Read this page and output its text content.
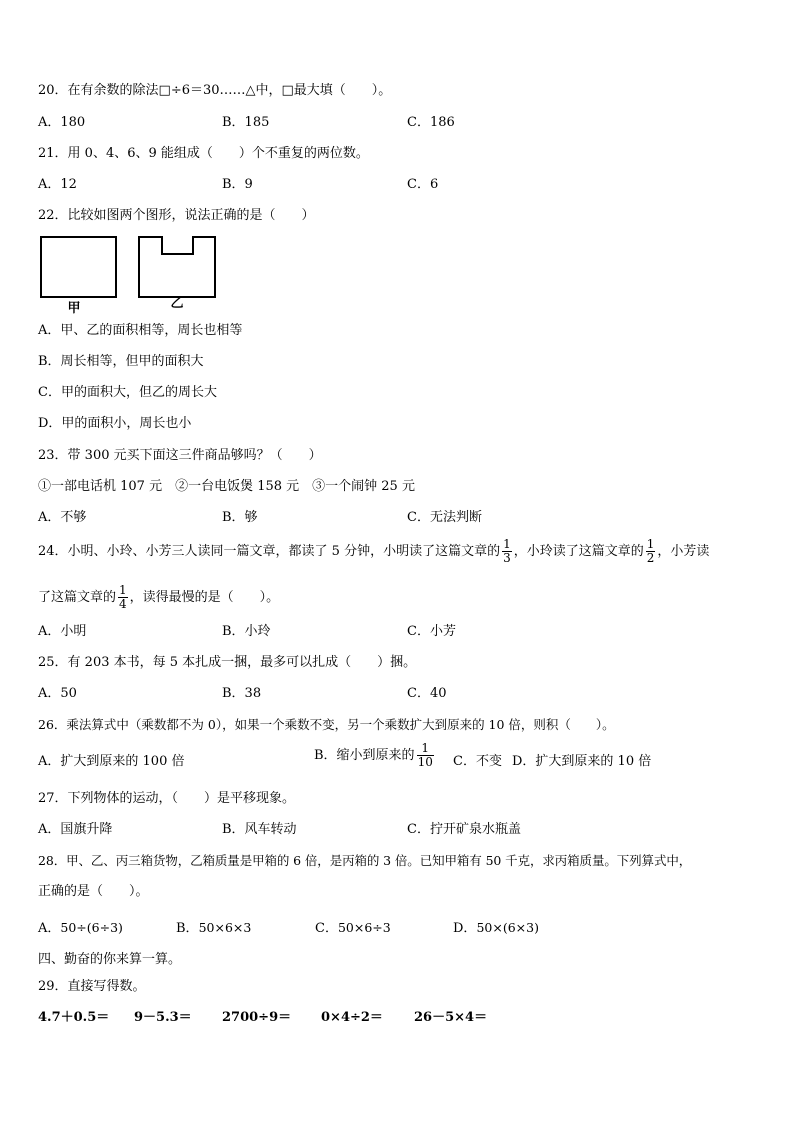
20．在有余数的除法□÷6＝30……△中，□最大填（　　）。
A．180	B．185	C．186
21．用 0、4、6、9 能组成（　　）个不重复的两位数。
A．12	B．9	C．6
22．比较如图两个图形，说法正确的是（　　）
甲	乙
A．甲、乙的面积相等，周长也相等
B．周长相等，但甲的面积大
C．甲的面积大，但乙的周长大
D．甲的面积小，周长也小
23．带 300 元买下面这三件商品够吗？（　　）
①一部电话机 107 元　②一台电饭煲 158 元　③一个闹钟 25 元
A．不够	B．够	C．无法判断
24．小明、小玲、小芳三人读同一篇文章，都读了 5 分钟，小明读了这篇文章的 $\frac{1}{3}$ ，小玲读了这篇文章的 $\frac{1}{2}$ ，小芳读
了这篇文章的 $\frac{1}{4}$ ，读得最慢的是（　　）。
A．小明	B．小玲	C．小芳
25．有 203 本书，每 5 本扎成一捆，最多可以扎成（　　）捆。
A．50	B．38	C．40
26．乘法算式中（乘数都不为 0），如果一个乘数不变，另一个乘数扩大到原来的 10 倍，则积（　　）。
A．扩大到原来的 100 倍	B．缩小到原来的 $\frac{1}{10}$ C．不变 D．扩大到原来的 10 倍
27．下列物体的运动，（　　）是平移现象。
A．国旗升降	B．风车转动	C．拧开矿泉水瓶盖
28．甲、乙、丙三箱货物，乙箱质量是甲箱的 6 倍，是丙箱的 3 倍。已知甲箱有 50 千克，求丙箱质量。下列算式中，
正确的是（　　）。
A．50÷(6÷3)	B．50×6×3	C．50×6÷3	D．50×(6×3)
四、勤奋的你来算一算。
29．直接写得数。
4.7＋0.5＝ 9－5.3＝ 2700÷9＝ 0×4÷2＝ 26－5×4＝
